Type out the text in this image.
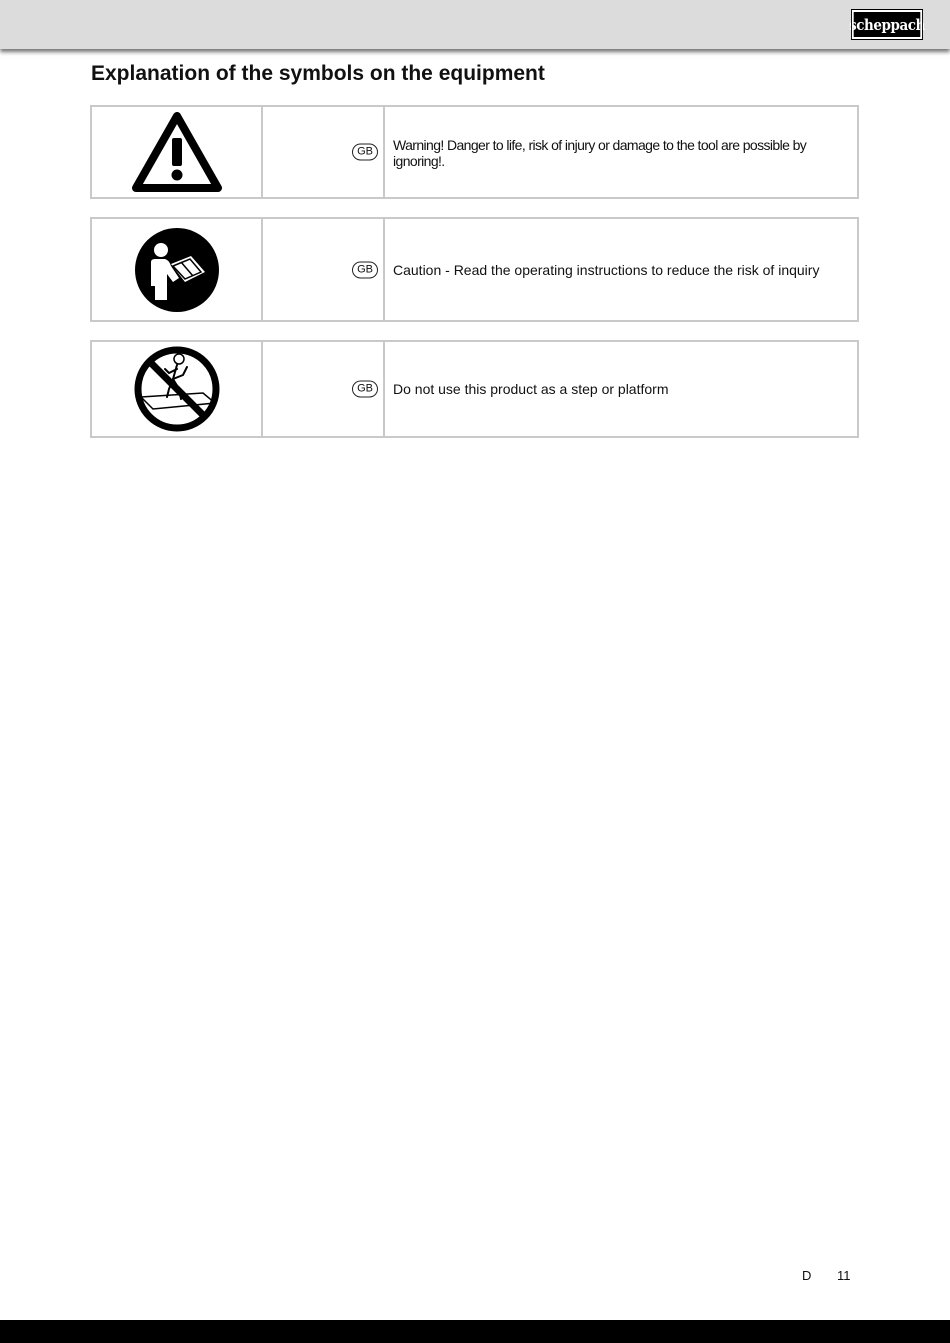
scheppach
Explanation of the symbols on the equipment
GB	Warning! Danger to life, risk of injury or damage to the tool are possible by ignoring!.
GB	Caution - Read the operating instructions to reduce the risk of inquiry
GB	Do not use this product as a step or platform
D 11
